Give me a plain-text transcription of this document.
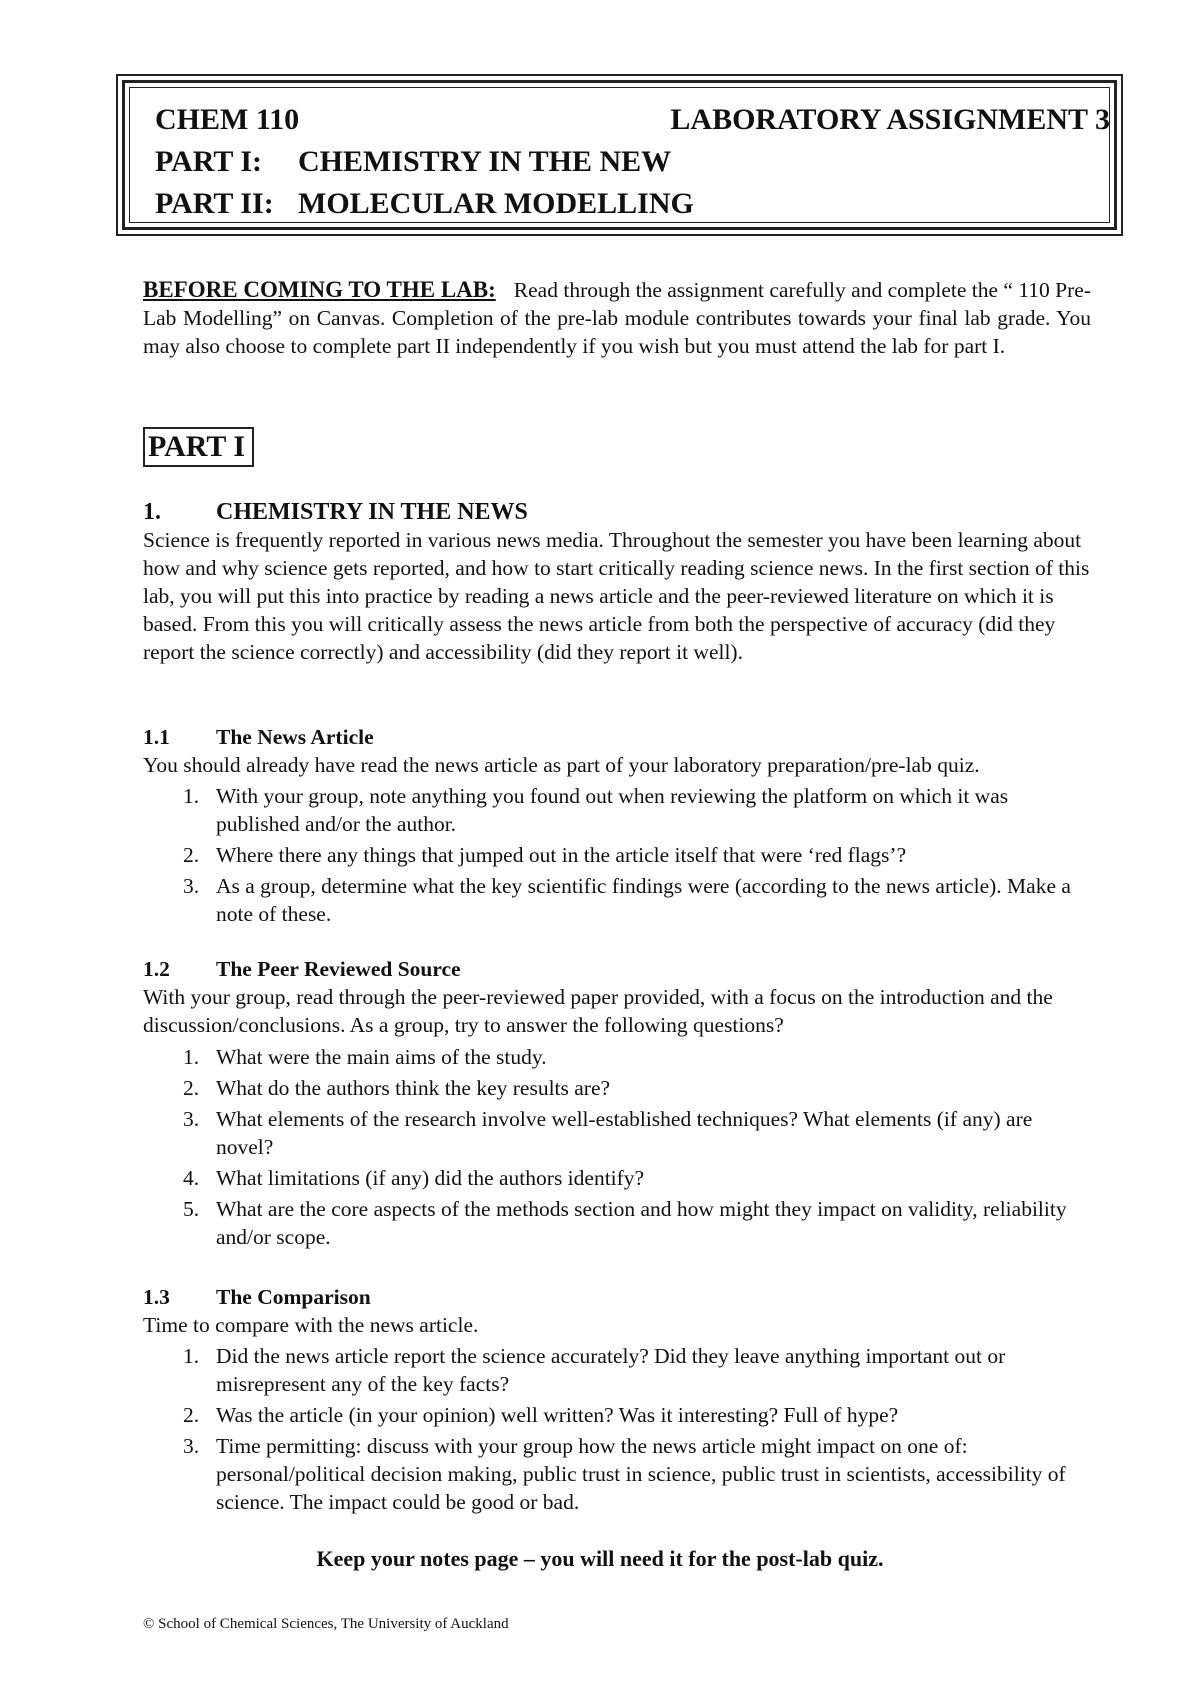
CHEM 110	LABORATORY ASSIGNMENT 3
PART I: CHEMISTRY IN THE NEW
PART II: MOLECULAR MODELLING
BEFORE COMING TO THE LAB: Read through the assignment carefully and complete the “ 110 Pre-Lab Modelling” on Canvas. Completion of the pre-lab module contributes towards your final lab grade. You may also choose to complete part II independently if you wish but you must attend the lab for part I.
PART I
1. CHEMISTRY IN THE NEWS
Science is frequently reported in various news media. Throughout the semester you have been learning about how and why science gets reported, and how to start critically reading science news. In the first section of this lab, you will put this into practice by reading a news article and the peer-reviewed literature on which it is based. From this you will critically assess the news article from both the perspective of accuracy (did they report the science correctly) and accessibility (did they report it well).
1.1 The News Article
You should already have read the news article as part of your laboratory preparation/pre-lab quiz.
1. With your group, note anything you found out when reviewing the platform on which it was published and/or the author.
2. Where there any things that jumped out in the article itself that were ‘red flags’?
3. As a group, determine what the key scientific findings were (according to the news article). Make a note of these.
1.2 The Peer Reviewed Source
With your group, read through the peer-reviewed paper provided, with a focus on the introduction and the discussion/conclusions. As a group, try to answer the following questions?
1. What were the main aims of the study.
2. What do the authors think the key results are?
3. What elements of the research involve well-established techniques? What elements (if any) are novel?
4. What limitations (if any) did the authors identify?
5. What are the core aspects of the methods section and how might they impact on validity, reliability and/or scope.
1.3 The Comparison
Time to compare with the news article.
1. Did the news article report the science accurately? Did they leave anything important out or misrepresent any of the key facts?
2. Was the article (in your opinion) well written? Was it interesting? Full of hype?
3. Time permitting: discuss with your group how the news article might impact on one of: personal/political decision making, public trust in science, public trust in scientists, accessibility of science. The impact could be good or bad.
Keep your notes page – you will need it for the post-lab quiz.
© School of Chemical Sciences, The University of Auckland
